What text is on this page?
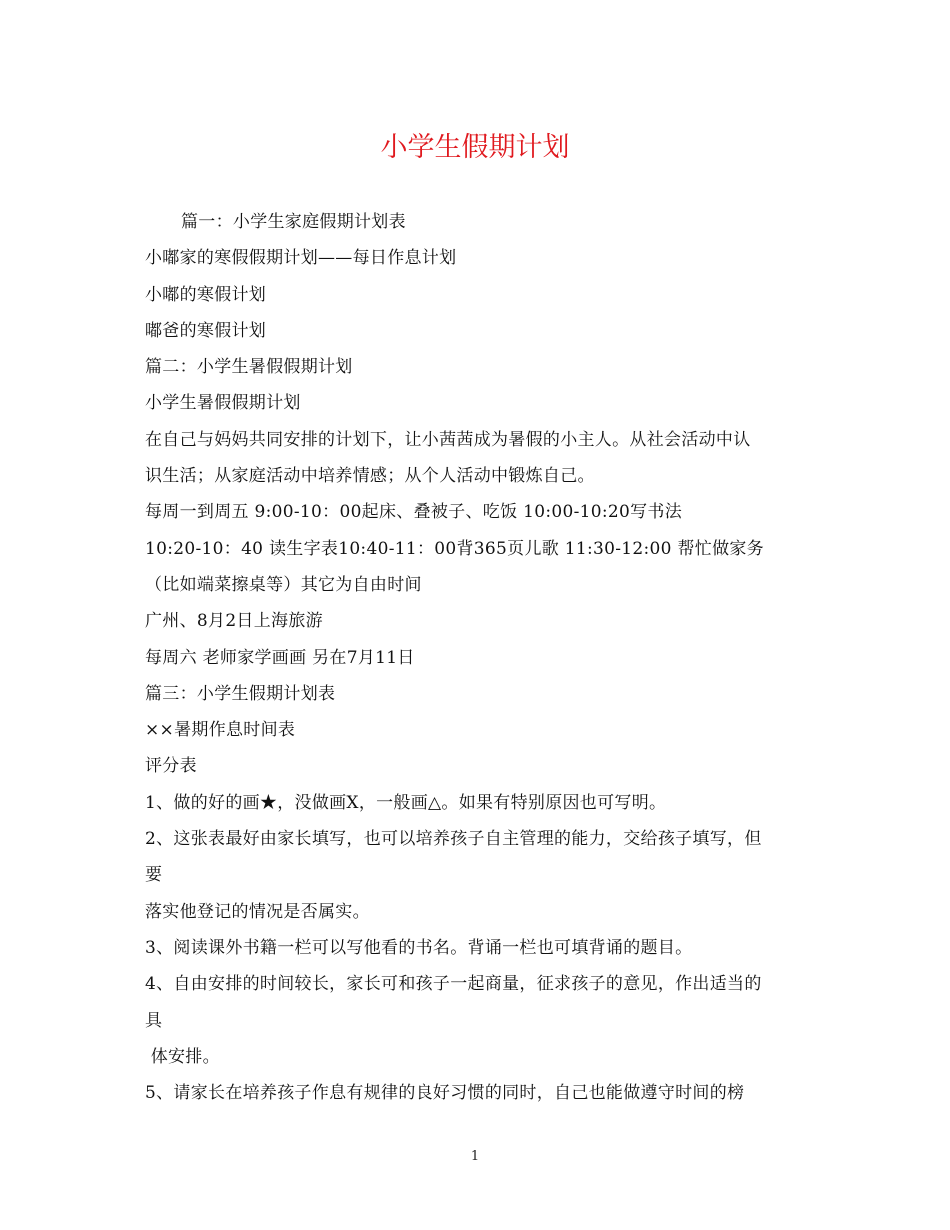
小学生假期计划
篇一：小学生家庭假期计划表
小嘟家的寒假假期计划——每日作息计划
小嘟的寒假计划
嘟爸的寒假计划
篇二：小学生暑假假期计划
小学生暑假假期计划
在自己与妈妈共同安排的计划下，让小茜茜成为暑假的小主人。从社会活动中认
识生活；从家庭活动中培养情感；从个人活动中锻炼自己。
每周一到周五 9:00-10：00起床、叠被子、吃饭 10:00-10:20写书法
10:20-10：40 读生字表10:40-11：00背365页儿歌 11:30-12:00 帮忙做家务
（比如端菜擦桌等）其它为自由时间
广州、8月2日上海旅游
每周六 老师家学画画 另在7月11日
篇三：小学生假期计划表
××暑期作息时间表
评分表
1、做的好的画★，没做画X，一般画△。如果有特别原因也可写明。
2、这张表最好由家长填写，也可以培养孩子自主管理的能力，交给孩子填写，但
要
落实他登记的情况是否属实。
3、阅读课外书籍一栏可以写他看的书名。背诵一栏也可填背诵的题目。
4、自由安排的时间较长，家长可和孩子一起商量，征求孩子的意见，作出适当的
具
体安排。
5、请家长在培养孩子作息有规律的良好习惯的同时，自己也能做遵守时间的榜
1
